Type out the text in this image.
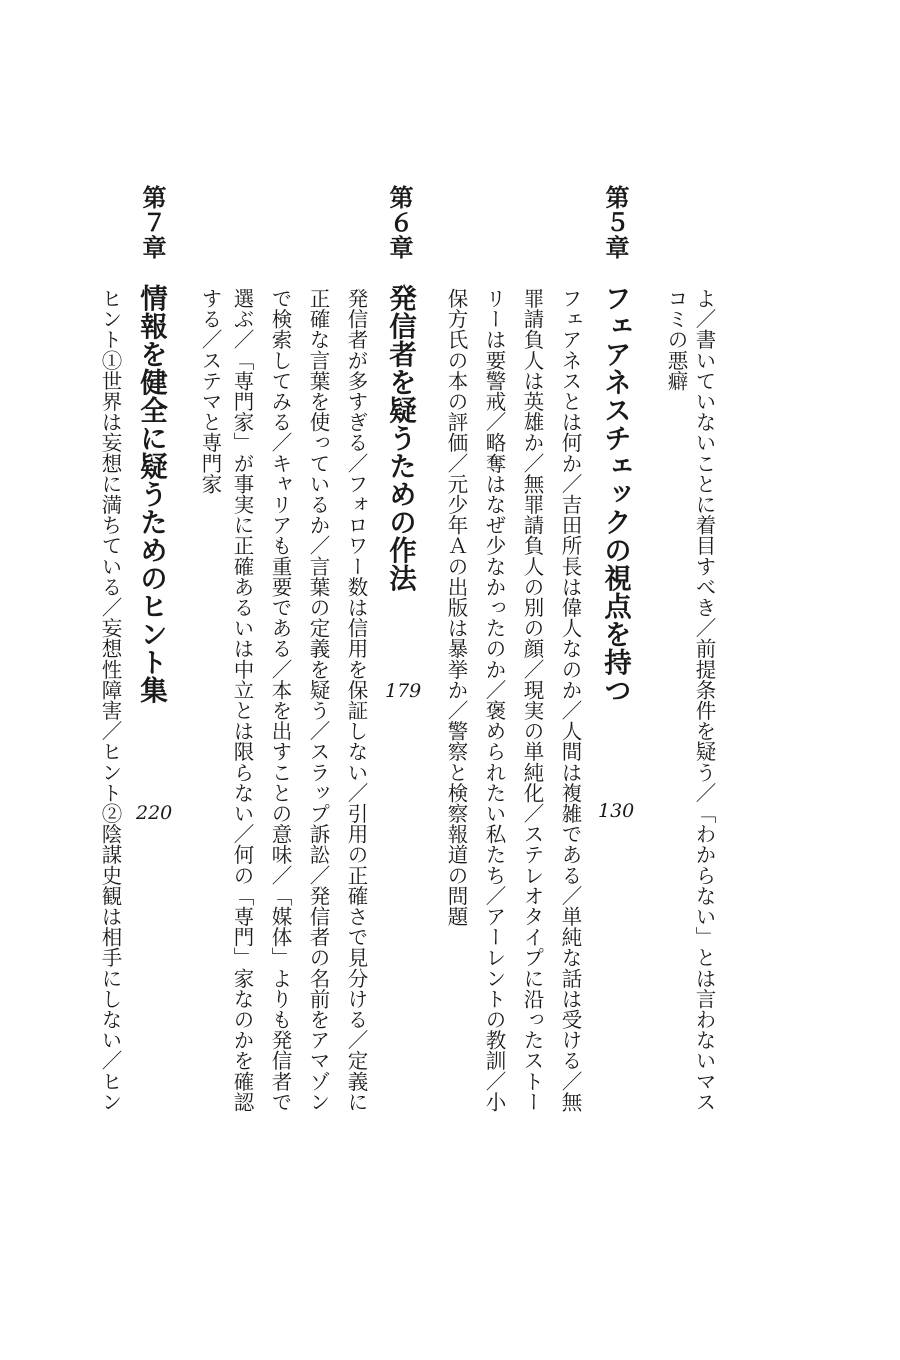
よ／書いていないことに着目すべき／前提条件を疑う／「わからない」とは言わないマス

コミの悪癖

第５章
フェアネスチェックの視点を持つ
130

フェアネスとは何か／吉田所長は偉人なのか／人間は複雑である／単純な話は受ける／無

罪請負人は英雄か／無罪請負人の別の顔／現実の単純化／ステレオタイプに沿ったストー

リーは要警戒／略奪はなぜ少なかったのか／褒められたい私たち／アーレントの教訓／小

保方氏の本の評価／元少年Ａの出版は暴挙か／警察と検察報道の問題

第６章
発信者を疑うための作法
179

発信者が多すぎる／フォロワー数は信用を保証しない／引用の正確さで見分ける／定義に

正確な言葉を使っているか／言葉の定義を疑う／スラップ訴訟／発信者の名前をアマゾン

で検索してみる／キャリアも重要である／本を出すことの意味／「媒体」よりも発信者で

選ぶ／「専門家」が事実に正確あるいは中立とは限らない／何の「専門」家なのかを確認

する／ステマと専門家

第７章
情報を健全に疑うためのヒント集
220

ヒント①世界は妄想に満ちている／妄想性障害／ヒント②陰謀史観は相手にしない／ヒン
